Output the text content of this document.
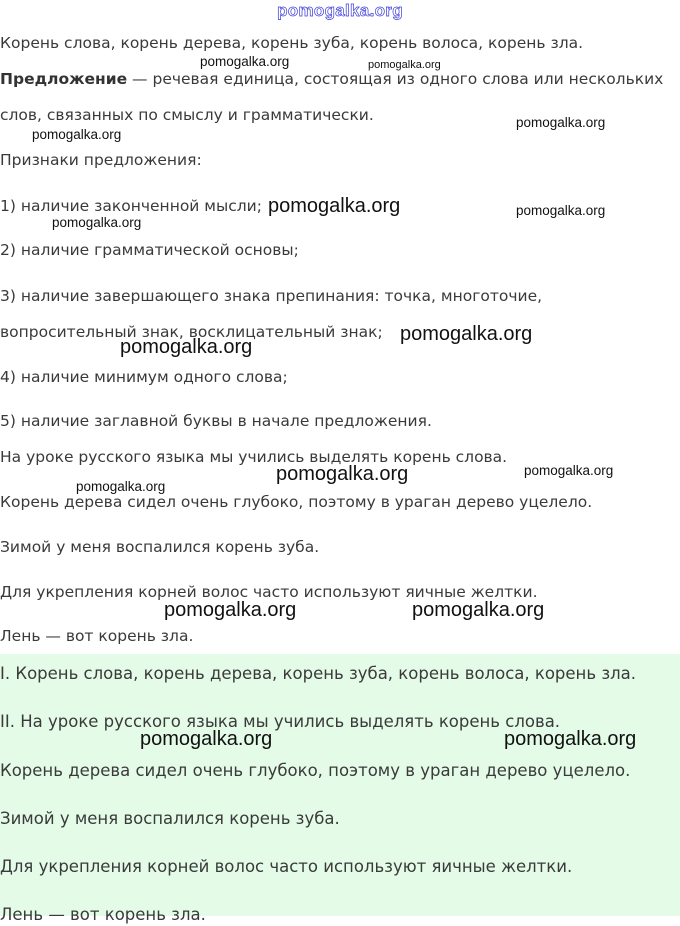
pomogalka.org
Корень слова, корень дерева, корень зуба, корень волоса, корень зла.
Предложение — речевая единица, состоящая из одного слова или нескольких
слов, связанных по смыслу и грамматически.
Признаки предложения:
1) наличие законченной мысли;
2) наличие грамматической основы;
3) наличие завершающего знака препинания: точка, многоточие,
вопросительный знак, восклицательный знак;
4) наличие минимум одного слова;
5) наличие заглавной буквы в начале предложения.
На уроке русского языка мы учились выделять корень слова.
Корень дерева сидел очень глубоко, поэтому в ураган дерево уцелело.
Зимой у меня воспалился корень зуба.
Для укрепления корней волос часто используют яичные желтки.
Лень — вот корень зла.
I. Корень слова, корень дерева, корень зуба, корень волоса, корень зла.
II. На уроке русского языка мы учились выделять корень слова.
Корень дерева сидел очень глубоко, поэтому в ураган дерево уцелело.
Зимой у меня воспалился корень зуба.
Для укрепления корней волос часто используют яичные желтки.
Лень — вот корень зла.
pomogalka.org	pomogalka.org
pomogalka.org
pomogalka.org
pomogalka.org	pomogalka.org
pomogalka.org
pomogalka.org
pomogalka.org
pomogalka.org	pomogalka.org
pomogalka.org
pomogalka.org	pomogalka.org
pomogalka.org	pomogalka.org
